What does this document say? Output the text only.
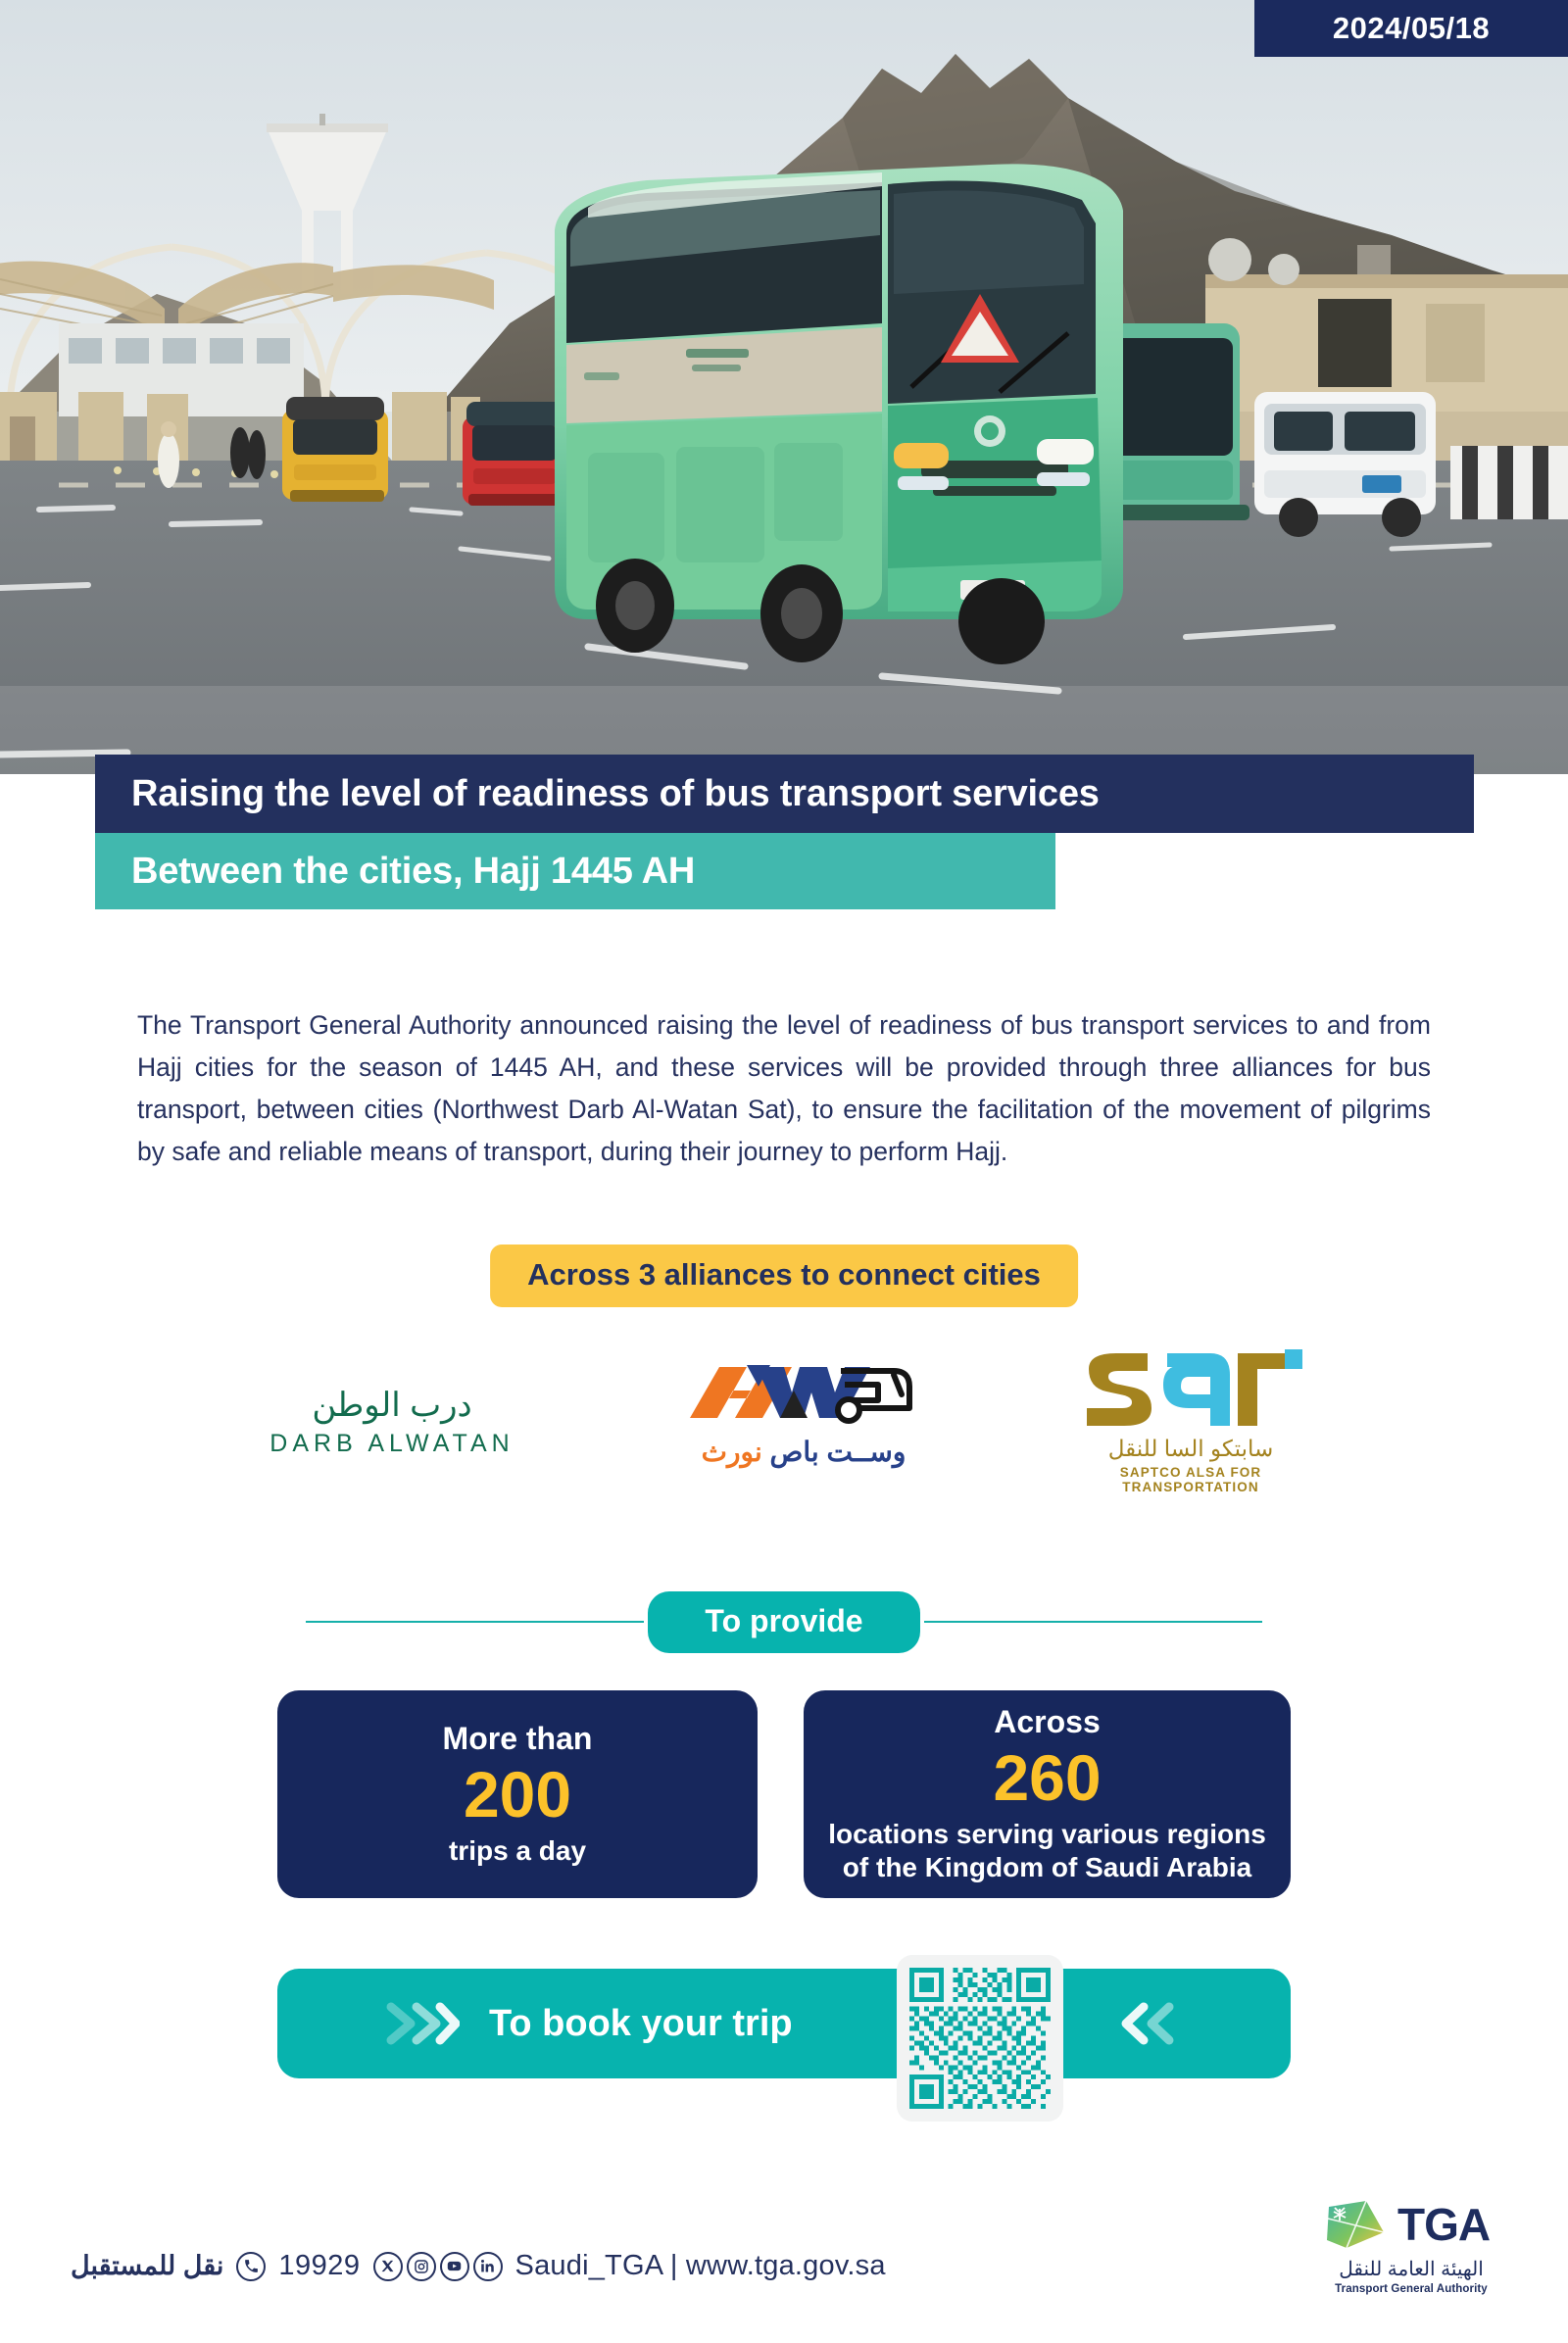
2024/05/18
Raising the level of readiness of bus transport services
Between the cities, Hajj 1445 AH
The Transport General Authority announced raising the level of readiness of bus transport services to and from Hajj cities for the season of 1445 AH, and these services will be provided through three alliances for bus transport, between cities (Northwest Darb Al-Watan Sat), to ensure the facilitation of the movement of pilgrims by safe and reliable means of transport, during their journey to perform Hajj.
Across 3 alliances to connect cities
درب الوطن
DARB ALWATAN	وســت باص نورث	سابتكو السا للنقل
SAPTCO ALSA FOR TRANSPORTATION
To provide
More than
200
trips a day
Across
260
locations serving various regions of the Kingdom of Saudi Arabia
To book your trip
نقل للمستقبل 19929	Saudi_TGA | www.tga.gov.sa
TGA
الهيئة العامة للنقل
Transport General Authority
